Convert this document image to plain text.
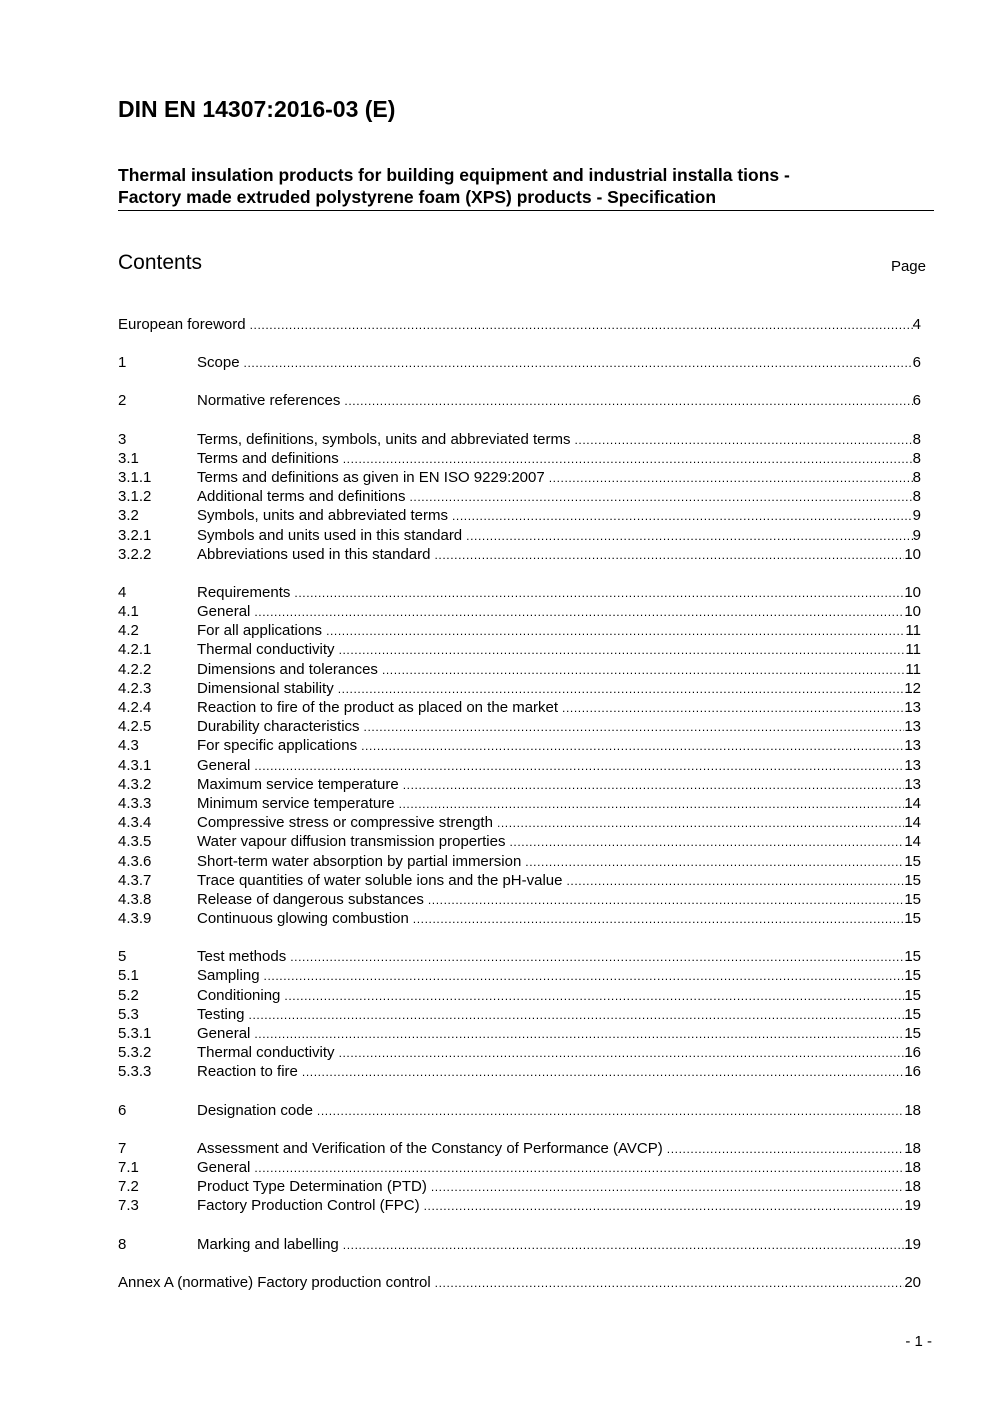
DIN EN 14307:2016-03 (E)
Thermal insulation products for building equipment and industrial installa tions -
Factory made extruded polystyrene foam (XPS) products - Specification
Contents	Page
European foreword .....	4
1	Scope .....	6
2	Normative references .....	6
3	Terms, definitions, symbols, units and abbreviated terms .....	8
3.1	Terms and definitions .....	8
3.1.1	Terms and definitions as given in EN ISO 9229:2007 .....	8
3.1.2	Additional terms and definitions .....	8
3.2	Symbols, units and abbreviated terms .....	9
3.2.1	Symbols and units used in this standard .....	9
3.2.2	Abbreviations used in this standard .....	10
4	Requirements .....	10
4.1	General .....	10
4.2	For all applications .....	11
4.2.1	Thermal conductivity .....	11
4.2.2	Dimensions and tolerances .....	11
4.2.3	Dimensional stability .....	12
4.2.4	Reaction to fire of the product as placed on the market .....	13
4.2.5	Durability characteristics .....	13
4.3	For specific applications .....	13
4.3.1	General .....	13
4.3.2	Maximum service temperature .....	13
4.3.3	Minimum service temperature .....	14
4.3.4	Compressive stress or compressive strength .....	14
4.3.5	Water vapour diffusion transmission properties .....	14
4.3.6	Short-term water absorption by partial immersion .....	15
4.3.7	Trace quantities of water soluble ions and the pH-value .....	15
4.3.8	Release of dangerous substances .....	15
4.3.9	Continuous glowing combustion .....	15
5	Test methods .....	15
5.1	Sampling .....	15
5.2	Conditioning .....	15
5.3	Testing .....	15
5.3.1	General .....	15
5.3.2	Thermal conductivity .....	16
5.3.3	Reaction to fire .....	16
6	Designation code .....	18
7	Assessment and Verification of the Constancy of Performance (AVCP) .....	18
7.1	General .....	18
7.2	Product Type Determination (PTD) .....	18
7.3	Factory Production Control (FPC) .....	19
8	Marking and labelling .....	19
Annex A (normative) Factory production control .....	20
- 1 -
